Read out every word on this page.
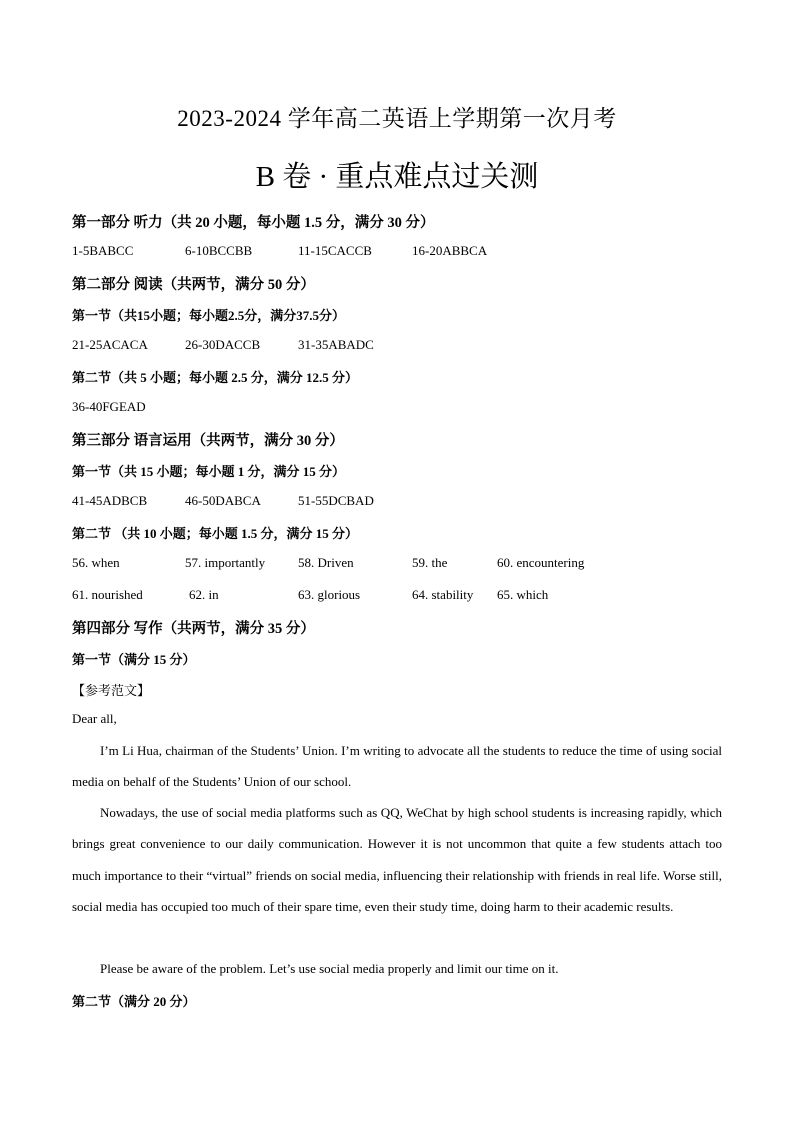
2023-2024 学年高二英语上学期第一次月考
B 卷 · 重点难点过关测
第一部分 听力（共 20 小题，每小题 1.5 分，满分 30 分）
1-5BABCC	6-10BCCBB	11-15CACCB	16-20ABBCA
第二部分 阅读（共两节，满分 50 分）
第一节（共15小题；每小题2.5分，满分37.5分）
21-25ACACA	26-30DACCB	31-35ABADC
第二节（共 5 小题；每小题 2.5 分，满分 12.5 分）
36-40FGEAD
第三部分 语言运用（共两节，满分 30 分）
第一节（共 15 小题；每小题 1 分，满分 15 分）
41-45ADBCB	46-50DABCA	51-55DCBAD
第二节 （共 10 小题；每小题 1.5 分，满分 15 分）
56. when	57. importantly	58. Driven	59. the	60. encountering
61. nourished	62. in	63. glorious	64. stability 65. which
第四部分 写作（共两节，满分 35 分）
第一节（满分 15 分）
【参考范文】
Dear all,
I’m Li Hua, chairman of the Students’ Union. I’m writing to advocate all the students to reduce the time of using social media on behalf of the Students’ Union of our school.
Nowadays, the use of social media platforms such as QQ, WeChat by high school students is increasing rapidly, which brings great convenience to our daily communication. However it is not uncommon that quite a few students attach too much importance to their “virtual” friends on social media, influencing their relationship with friends in real life. Worse still, social media has occupied too much of their spare time, even their study time, doing harm to their academic results.
Please be aware of the problem. Let’s use social media properly and limit our time on it.
第二节（满分 20 分）
